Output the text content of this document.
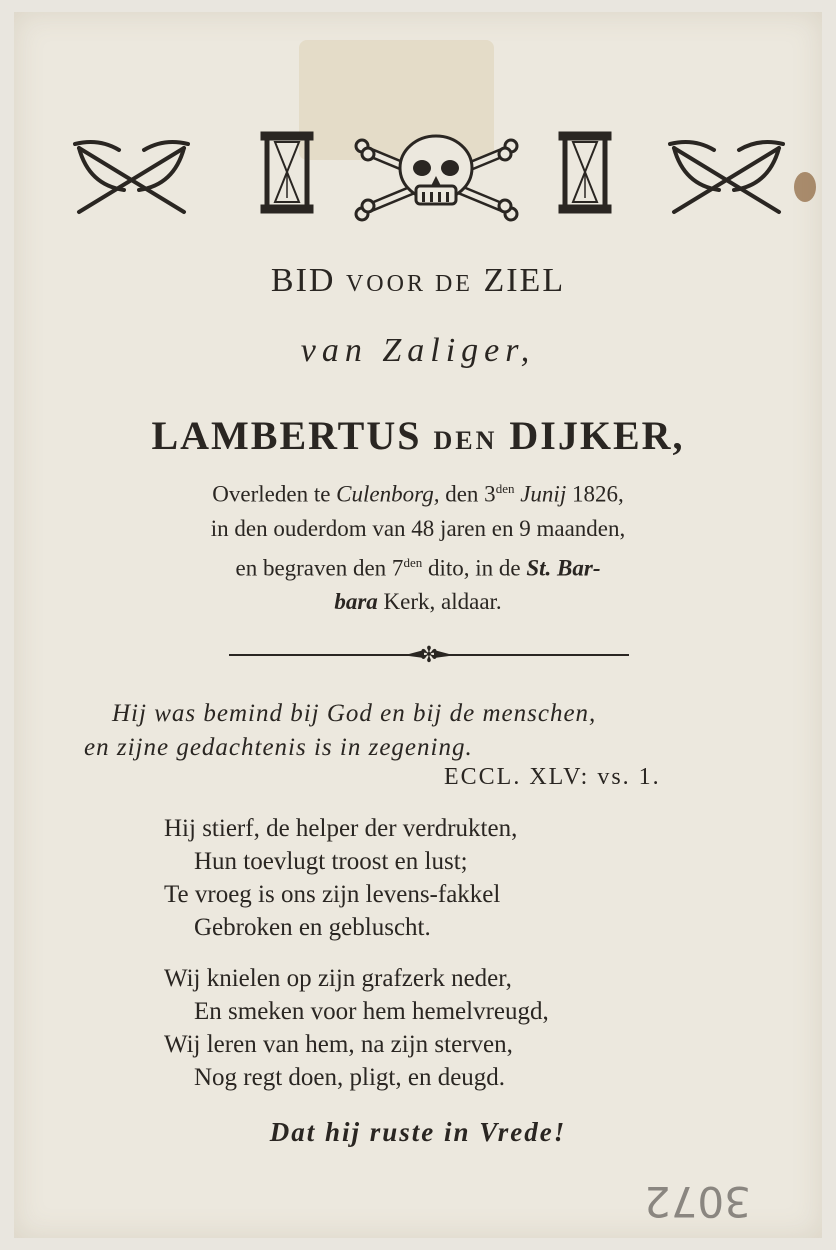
BID VOOR DE ZIEL
van Zaliger,
LAMBERTUS DEN DIJKER,
Overleden te Culenborg, den $3^{den}$ Junij 1826,
in den ouderdom van 48 jaren en 9 maanden,
en begraven den $7^{den}$ dito, in de St. Bar-
bara Kerk, aldaar.
✻
Hij was bemind bij God en bij de menschen,
en zijne gedachtenis is in zegening.
ECCL. XLV: vs. 1.
Hij stierf, de helper der verdrukten,
Hun toevlugt troost en lust;
Te vroeg is ons zijn levens-fakkel
Gebroken en gebluscht.
Wij knielen op zijn grafzerk neder,
En smeken voor hem hemelvreugd,
Wij leren van hem, na zijn sterven,
Nog regt doen, pligt, en deugd.
Dat hij ruste in Vrede!
3072
